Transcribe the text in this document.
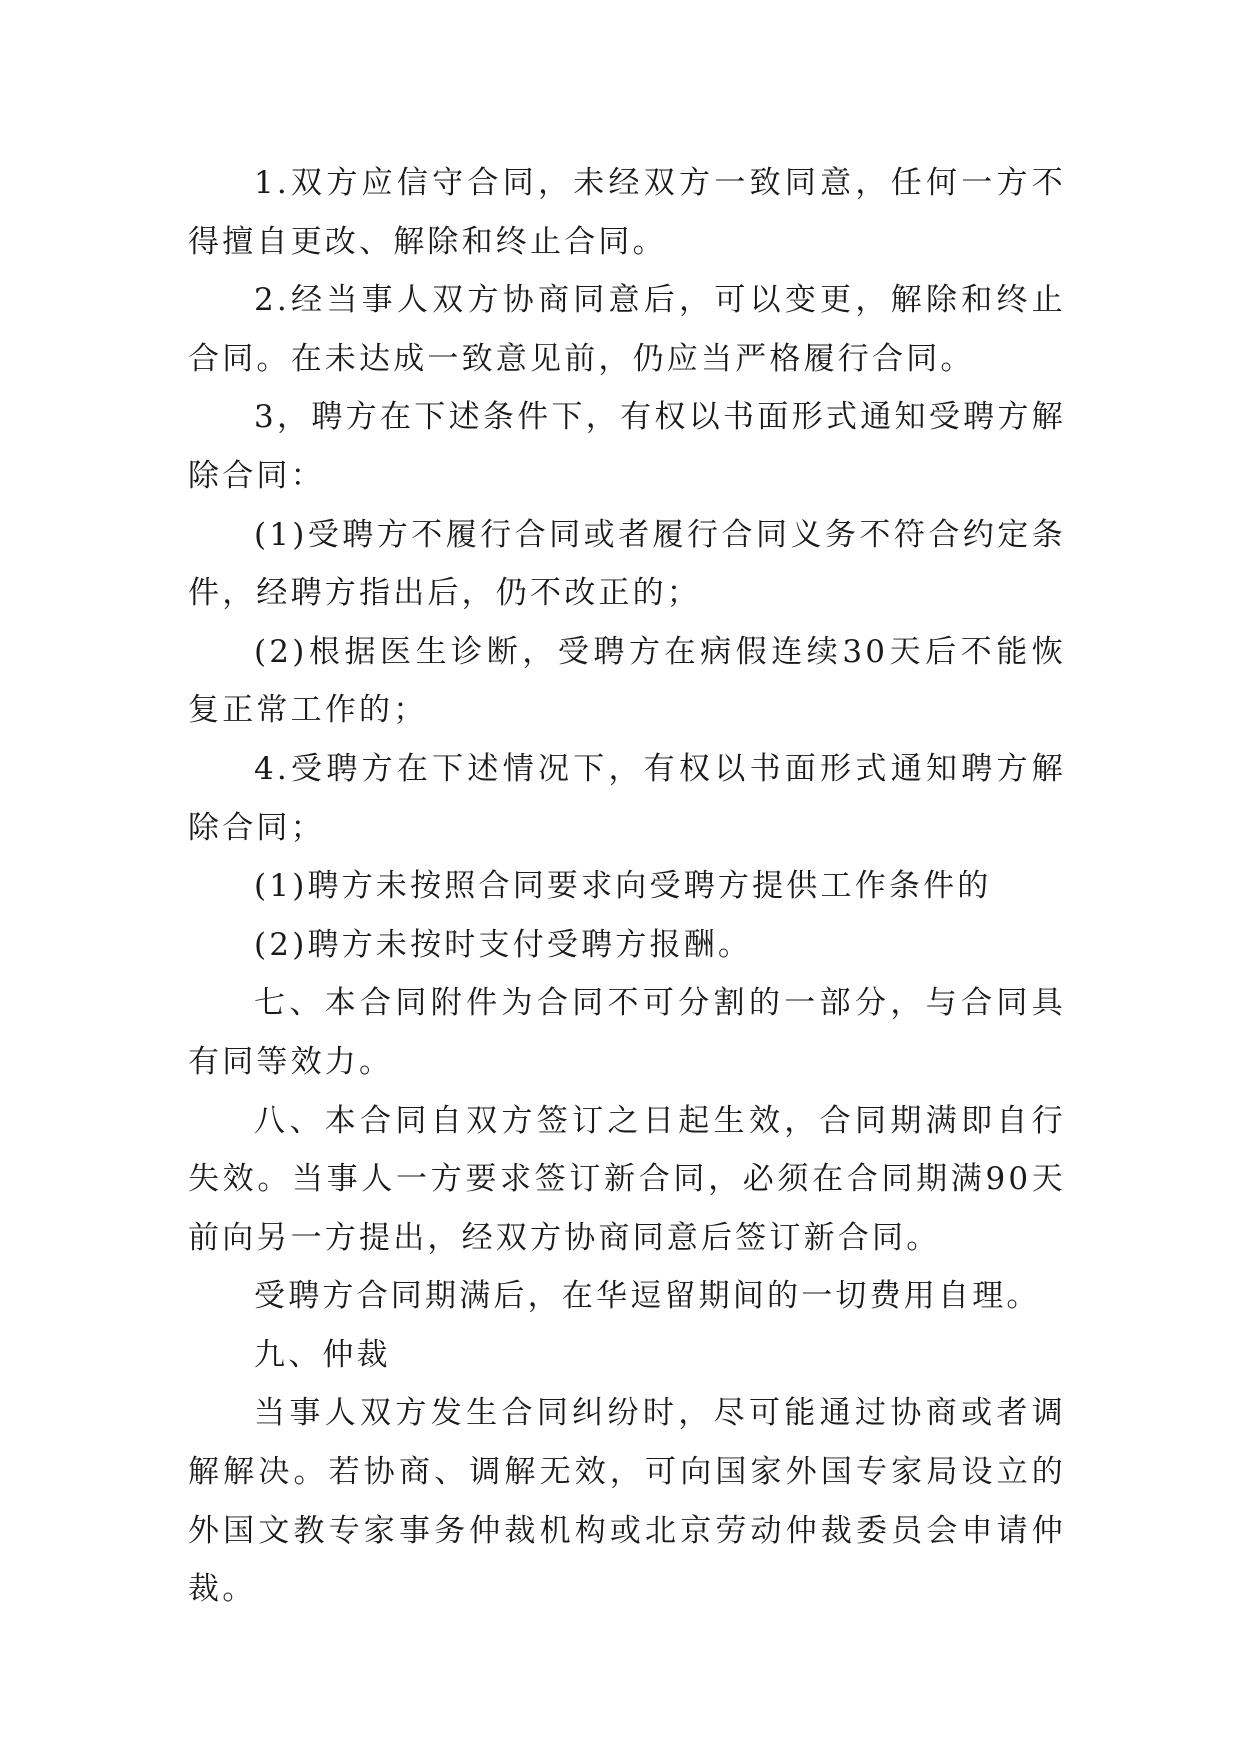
1.双方应信守合同，未经双方一致同意，任何一方不得擅自更改、解除和终止合同。

2.经当事人双方协商同意后，可以变更，解除和终止合同。在未达成一致意见前，仍应当严格履行合同。

3，聘方在下述条件下，有权以书面形式通知受聘方解除合同：

(1)受聘方不履行合同或者履行合同义务不符合约定条件，经聘方指出后，仍不改正的；

(2)根据医生诊断，受聘方在病假连续30天后不能恢复正常工作的；

4.受聘方在下述情况下，有权以书面形式通知聘方解除合同；

(1)聘方未按照合同要求向受聘方提供工作条件的

(2)聘方未按时支付受聘方报酬。

七、本合同附件为合同不可分割的一部分，与合同具有同等效力。

八、本合同自双方签订之日起生效，合同期满即自行失效。当事人一方要求签订新合同，必须在合同期满90天前向另一方提出，经双方协商同意后签订新合同。

受聘方合同期满后，在华逗留期间的一切费用自理。

九、仲裁

当事人双方发生合同纠纷时，尽可能通过协商或者调解解决。若协商、调解无效，可向国家外国专家局设立的外国文教专家事务仲裁机构或北京劳动仲裁委员会申请仲裁。
